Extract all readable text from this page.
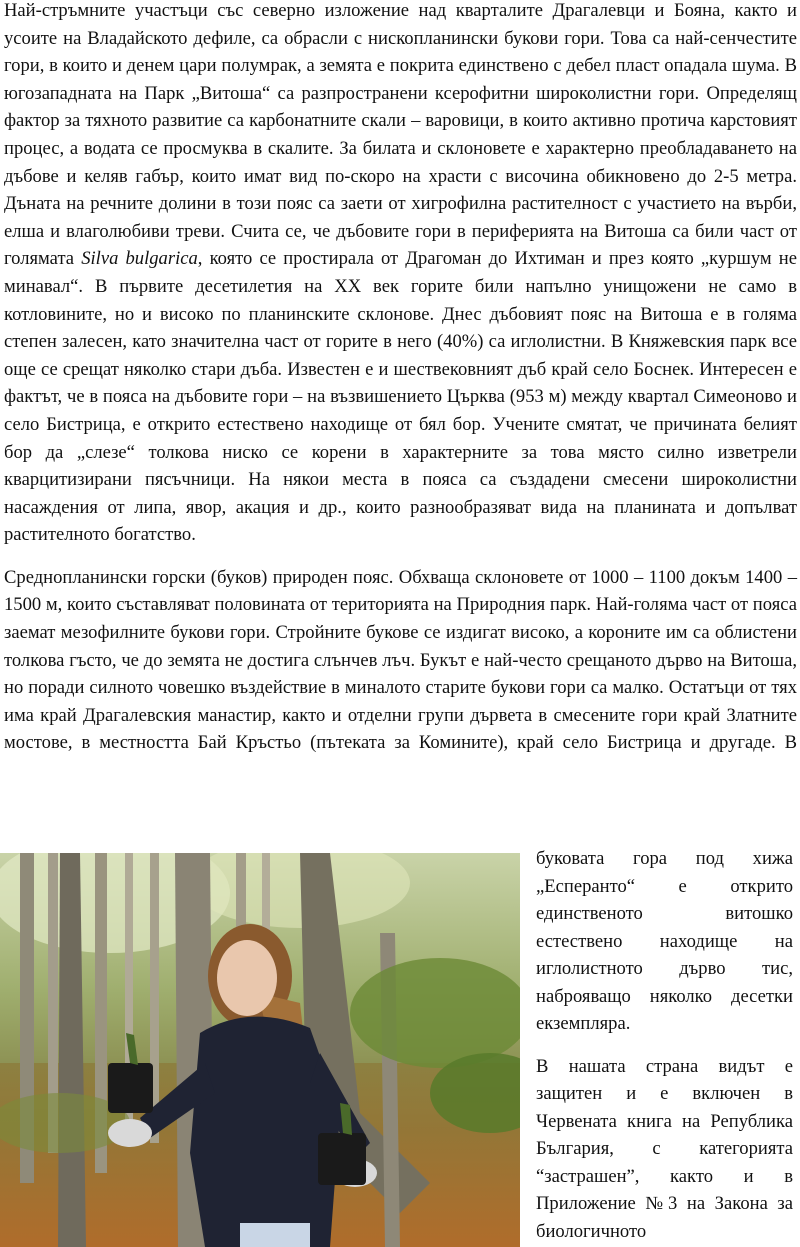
Най-стръмните участъци със северно изложение над кварталите Драгалевци и Бояна, както и усоите на Владайското дефиле, са обрасли с нископланински букови гори. Това са най-сенчестите гори, в които и денем цари полумрак, а земята е покрита единствено с дебел пласт опадала шума. В югозападната на Парк „Витоша“ са разпространени ксерофитни широколистни гори. Определящ фактор за тяхното развитие са карбонатните скали – варовици, в които активно протича карстовият процес, а водата се просмуква в скалите. За билата и склоновете е характерно преобладаването на дъбове и келяв габър, които имат вид по-скоро на храсти с височина обикновено до 2-5 метра. Дъната на речните долини в този пояс са заети от хигрофилна растителност с участието на върби, елша и влаголюбиви треви. Счита се, че дъбовите гори в периферията на Витоша са били част от голямата Silva bulgarica, която се простирала от Драгоман до Ихтиман и през която „куршум не минавал“. В първите десетилетия на XX век горите били напълно унищожени не само в котловините, но и високо по планинските склонове. Днес дъбовият пояс на Витоша е в голяма степен залесен, като значителна част от горите в него (40%) са иглолистни. В Княжевския парк все още се срещат няколко стари дъба. Известен е и шествековният дъб край село Боснек. Интересен е фактът, че в пояса на дъбовите гори – на възвишението Църква (953 м) между квартал Симеоново и село Бистрица, е открито естествено находище от бял бор. Учените смятат, че причината белият бор да „слезе“ толкова ниско се корени в характерните за това място силно изветрели кварцитизирани пясъчници. На някои места в пояса са създадени смесени широколистни насаждения от липа, явор, акация и др., които разнообразяват вида на планината и допълват растителното богатство.

Среднопланински горски (буков) природен пояс. Обхваща склоновете от 1000 – 1100 докъм 1400 – 1500 м, които съставляват половината от територията на Природния парк. Най-голяма част от пояса заемат мезофилните букови гори. Стройните букове се издигат високо, а короните им са облистени толкова гъсто, че до земята не достига слънчев лъч. Букът е най-често срещаното дърво на Витоша, но поради силното човешко въздействие в миналото старите букови гори са малко. Остатъци от тях има край Драгалевския манастир, както и отделни групи дървета в смесените гори край Златните мостове, в местността Бай Кръстьо (пътеката за Комините), край село Бистрица и другаде. В

буковата гора под хижа „Есперанто“ е открито единственото витошко естествено находище на иглолистното дърво тис, наброяващо няколко десетки екземпляра.

В нашата страна видът е защитен и е включен в Червената книга на Република България, с категорията “застрашен”, както и в Приложение №3 на Закона за биологичното
